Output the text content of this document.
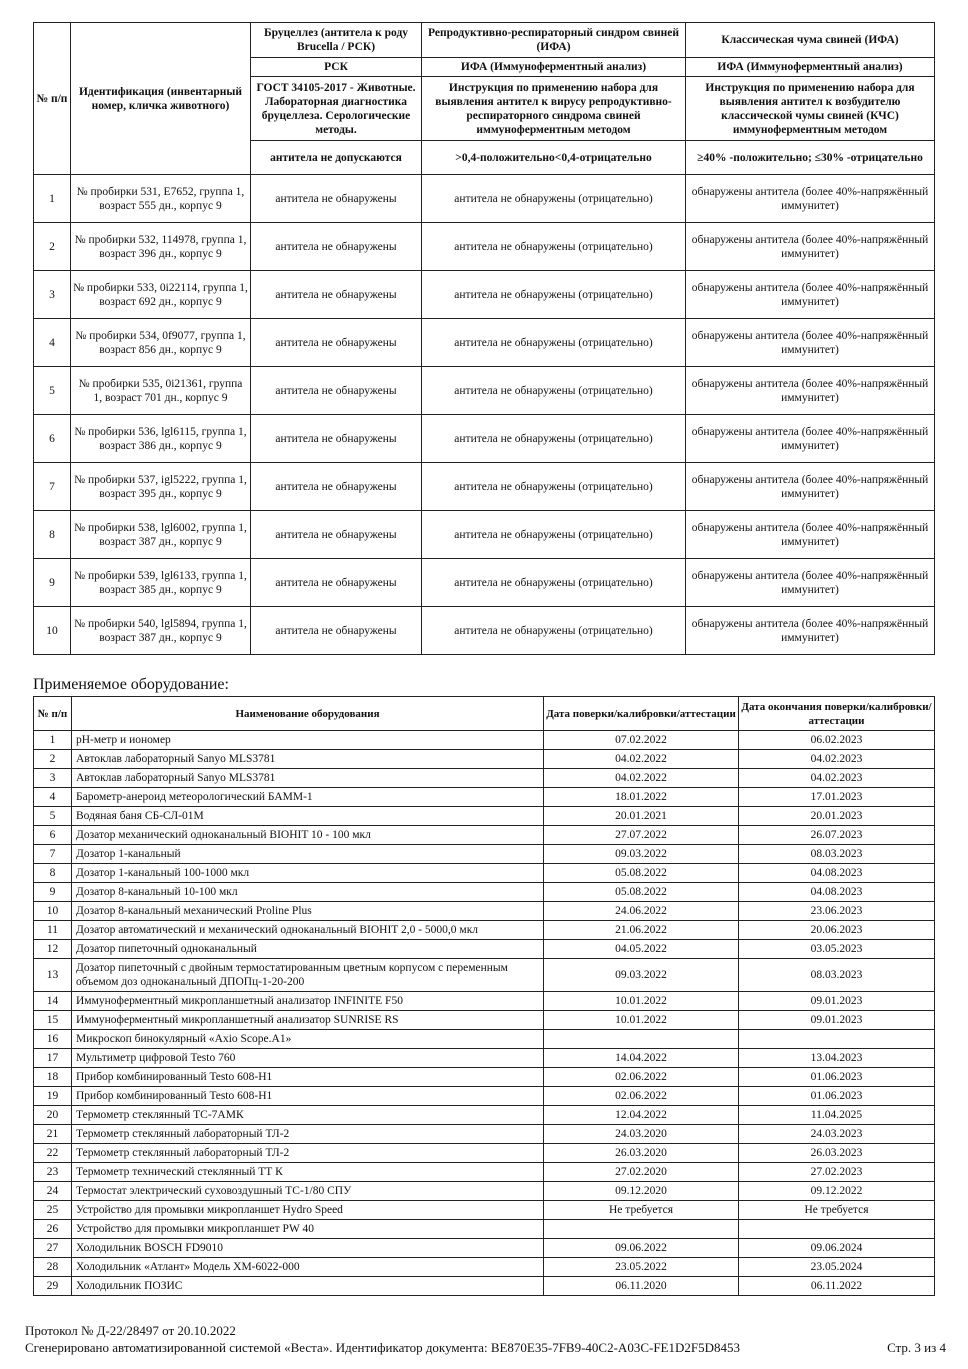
№ п/п	Идентификация (инвентарный номер, кличка животного)	Бруцеллез (антитела к роду Brucella / РСК)	Репродуктивно-респираторный синдром свиней (ИФА)	Классическая чума свиней (ИФА)
		РСК	ИФА (Иммуноферментный анализ)	ИФА (Иммуноферментный анализ)
		ГОСТ 34105-2017 - Животные. Лабораторная диагностика бруцеллеза. Серологические методы.	Инструкция по применению набора для выявления антител к вирусу репродуктивно-респираторного синдрома свиней иммуноферментным методом	Инструкция по применению набора для выявления антител к возбудителю классической чумы свиней (КЧС) иммуноферментным методом
		антитела не допускаются	>0,4-положительно<0,4-отрицательно	≥40% -положительно; ≤30% -отрицательно
1	№ пробирки 531, E7652, группа 1, возраст 555 дн., корпус 9	антитела не обнаружены	антитела не обнаружены (отрицательно)	обнаружены антитела (более 40%-напряжённый иммунитет)
2	№ пробирки 532, 114978, группа 1, возраст 396 дн., корпус 9	антитела не обнаружены	антитела не обнаружены (отрицательно)	обнаружены антитела (более 40%-напряжённый иммунитет)
3	№ пробирки 533, 0i22114, группа 1, возраст 692 дн., корпус 9	антитела не обнаружены	антитела не обнаружены (отрицательно)	обнаружены антитела (более 40%-напряжённый иммунитет)
4	№ пробирки 534, 0f9077, группа 1, возраст 856 дн., корпус 9	антитела не обнаружены	антитела не обнаружены (отрицательно)	обнаружены антитела (более 40%-напряжённый иммунитет)
5	№ пробирки 535, 0i21361, группа 1, возраст 701 дн., корпус 9	антитела не обнаружены	антитела не обнаружены (отрицательно)	обнаружены антитела (более 40%-напряжённый иммунитет)
6	№ пробирки 536, lgl6115, группа 1, возраст 386 дн., корпус 9	антитела не обнаружены	антитела не обнаружены (отрицательно)	обнаружены антитела (более 40%-напряжённый иммунитет)
7	№ пробирки 537, igl5222, группа 1, возраст 395 дн., корпус 9	антитела не обнаружены	антитела не обнаружены (отрицательно)	обнаружены антитела (более 40%-напряжённый иммунитет)
8	№ пробирки 538, lgl6002, группа 1, возраст 387 дн., корпус 9	антитела не обнаружены	антитела не обнаружены (отрицательно)	обнаружены антитела (более 40%-напряжённый иммунитет)
9	№ пробирки 539, lgl6133, группа 1, возраст 385 дн., корпус 9	антитела не обнаружены	антитела не обнаружены (отрицательно)	обнаружены антитела (более 40%-напряжённый иммунитет)
10	№ пробирки 540, lgl5894, группа 1, возраст 387 дн., корпус 9	антитела не обнаружены	антитела не обнаружены (отрицательно)	обнаружены антитела (более 40%-напряжённый иммунитет)
Применяемое оборудование:
№ п/п	Наименование оборудования	Дата поверки/калибровки/аттестации	Дата окончания поверки/калибровки/аттестации
1	pH-метр и иономер	07.02.2022	06.02.2023
2	Автоклав лабораторный Sanyo MLS3781	04.02.2022	04.02.2023
3	Автоклав лабораторный Sanyo MLS3781	04.02.2022	04.02.2023
4	Барометр-анероид метеорологический БАММ-1	18.01.2022	17.01.2023
5	Водяная баня СБ-СЛ-01М	20.01.2021	20.01.2023
6	Дозатор механический одноканальный BIOHIT 10 - 100 мкл	27.07.2022	26.07.2023
7	Дозатор 1-канальный	09.03.2022	08.03.2023
8	Дозатор 1-канальный 100-1000 мкл	05.08.2022	04.08.2023
9	Дозатор 8-канальный 10-100 мкл	05.08.2022	04.08.2023
10	Дозатор 8-канальный механический Proline Plus	24.06.2022	23.06.2023
11	Дозатор автоматический и механический одноканальный BIOHIT 2,0 - 5000,0 мкл	21.06.2022	20.06.2023
12	Дозатор пипеточный одноканальный	04.05.2022	03.05.2023
13	Дозатор пипеточный с двойным термостатированным цветным корпусом с переменным объемом доз одноканальный ДПОПц-1-20-200	09.03.2022	08.03.2023
14	Иммуноферментный микропланшетный анализатор INFINITE F50	10.01.2022	09.01.2023
15	Иммуноферментный микропланшетный анализатор SUNRISE RS	10.01.2022	09.01.2023
16	Микроскоп бинокулярный «Axio Scope.A1»		
17	Мультиметр цифровой Testo 760	14.04.2022	13.04.2023
18	Прибор комбинированный Testo 608-H1	02.06.2022	01.06.2023
19	Прибор комбинированный Testo 608-H1	02.06.2022	01.06.2023
20	Термометр стеклянный ТС-7АМК	12.04.2022	11.04.2025
21	Термометр стеклянный лабораторный ТЛ-2	24.03.2020	24.03.2023
22	Термометр стеклянный лабораторный ТЛ-2	26.03.2020	26.03.2023
23	Термометр технический стеклянный ТТ К	27.02.2020	27.02.2023
24	Термостат электрический суховоздушный ТС-1/80 СПУ	09.12.2020	09.12.2022
25	Устройство для промывки микропланшет Hydro Speed	Не требуется	Не требуется
26	Устройство для промывки микропланшет PW 40		
27	Холодильник BOSCH FD9010	09.06.2022	09.06.2024
28	Холодильник «Атлант» Модель ХМ-6022-000	23.05.2022	23.05.2024
29	Холодильник ПОЗИС	06.11.2020	06.11.2022
Протокол № Д-22/28497 от 20.10.2022
Сгенерировано автоматизированной системой «Веста». Идентификатор документа: BE870E35-7FB9-40C2-A03C-FE1D2F5D8453	Стр. 3 из 4
